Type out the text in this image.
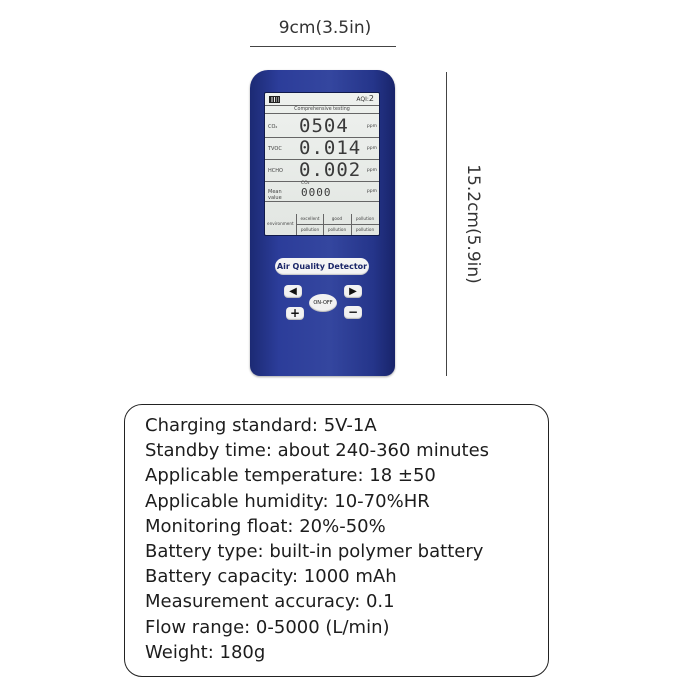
9cm(3.5in)
15.2cm(5.9in)
AQI:2
Comprehensive testing
CO₂	0504	ppm
TVOC 0.014 ppm
HCHO 0.002 ppm
CO₂
Mean value	0000	ppm
environment
excellent	good	pollution
pollution	pollution	pollution
Air Quality Detector
◀	▶
ON-OFF
+	−
Charging standard: 5V-1A
Standby time: about 240-360 minutes
Applicable temperature: 18 ±50
Applicable humidity: 10-70%HR
Monitoring float: 20%-50%
Battery type: built-in polymer battery
Battery capacity: 1000 mAh
Measurement accuracy: 0.1
Flow range: 0-5000 (L/min)
Weight: 180g
